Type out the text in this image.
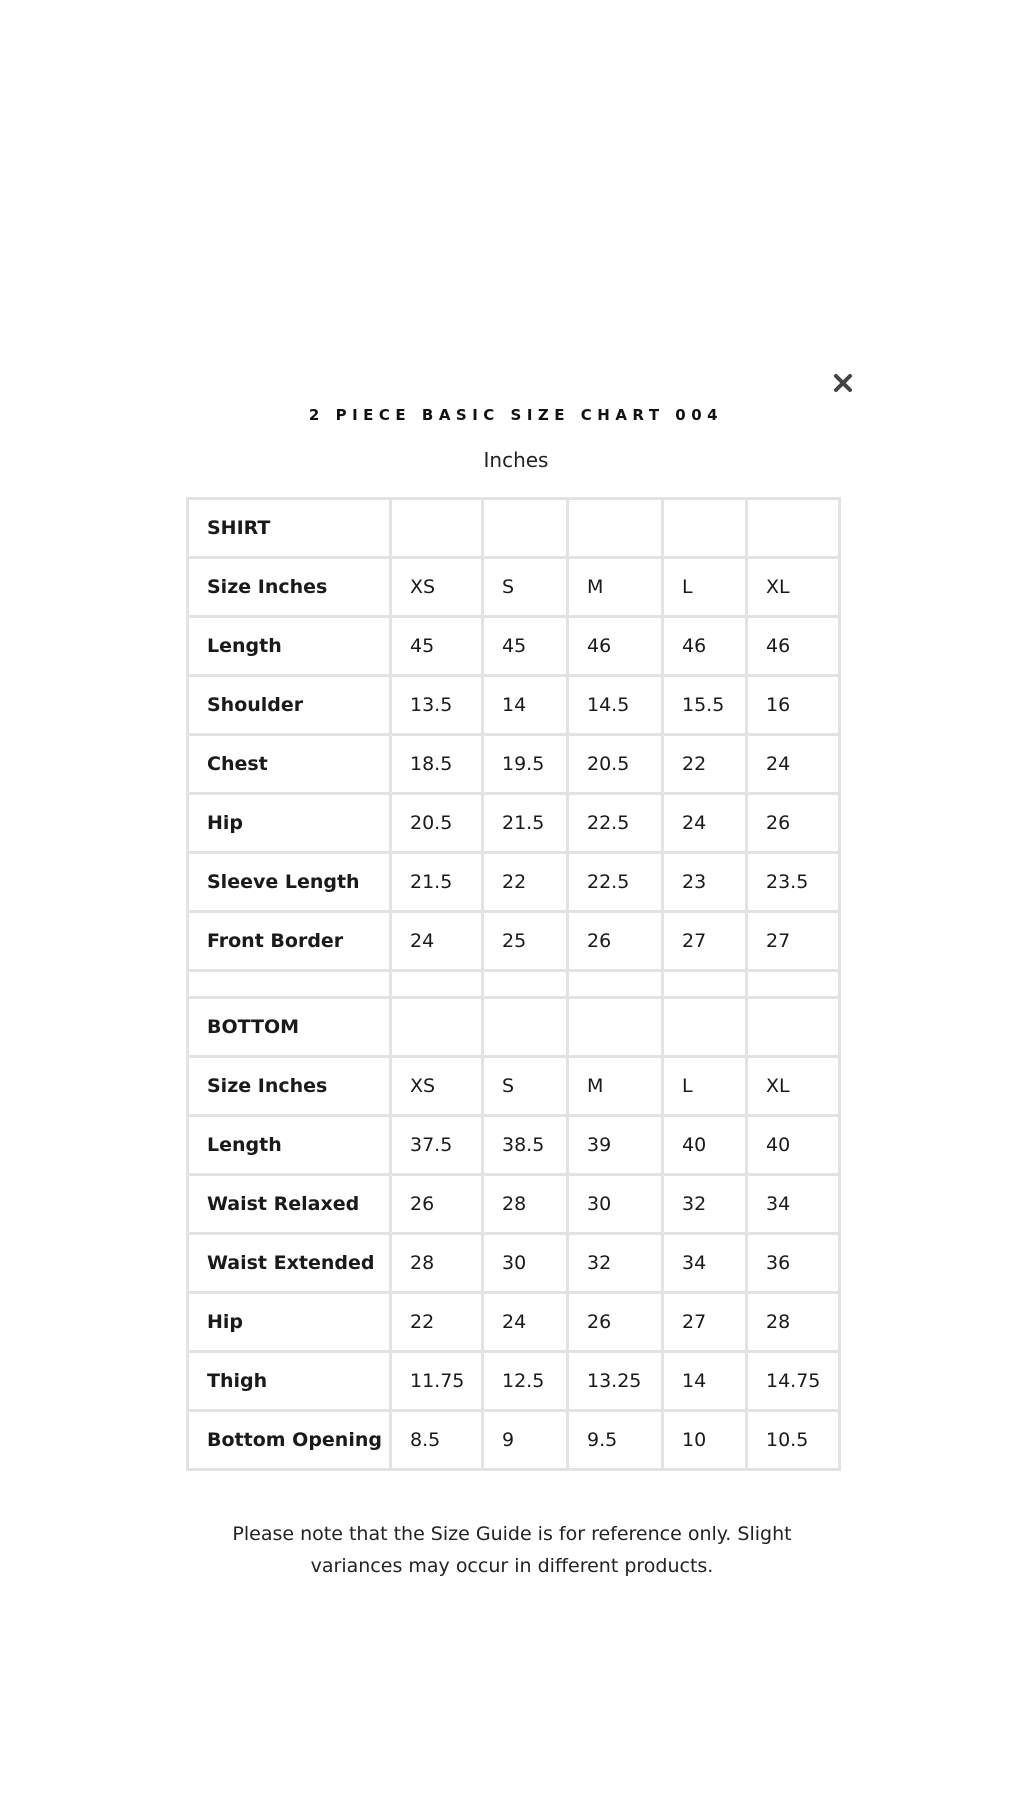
2 PIECE BASIC SIZE CHART 004
Inches
SHIRT					
Size Inches	XS	S	M	L	XL
Length	45	45	46	46	46
Shoulder	13.5	14	14.5	15.5	16
Chest	18.5	19.5	20.5	22	24
Hip	20.5	21.5	22.5	24	26
Sleeve Length	21.5	22	22.5	23	23.5
Front Border	24	25	26	27	27

BOTTOM					
Size Inches	XS	S	M	L	XL
Length	37.5	38.5	39	40	40
Waist Relaxed	26	28	30	32	34
Waist Extended	28	30	32	34	36
Hip	22	24	26	27	28
Thigh	11.75	12.5	13.25	14	14.75
Bottom Opening	8.5	9	9.5	10	10.5
Please note that the Size Guide is for reference only. Slight variances may occur in different products.
